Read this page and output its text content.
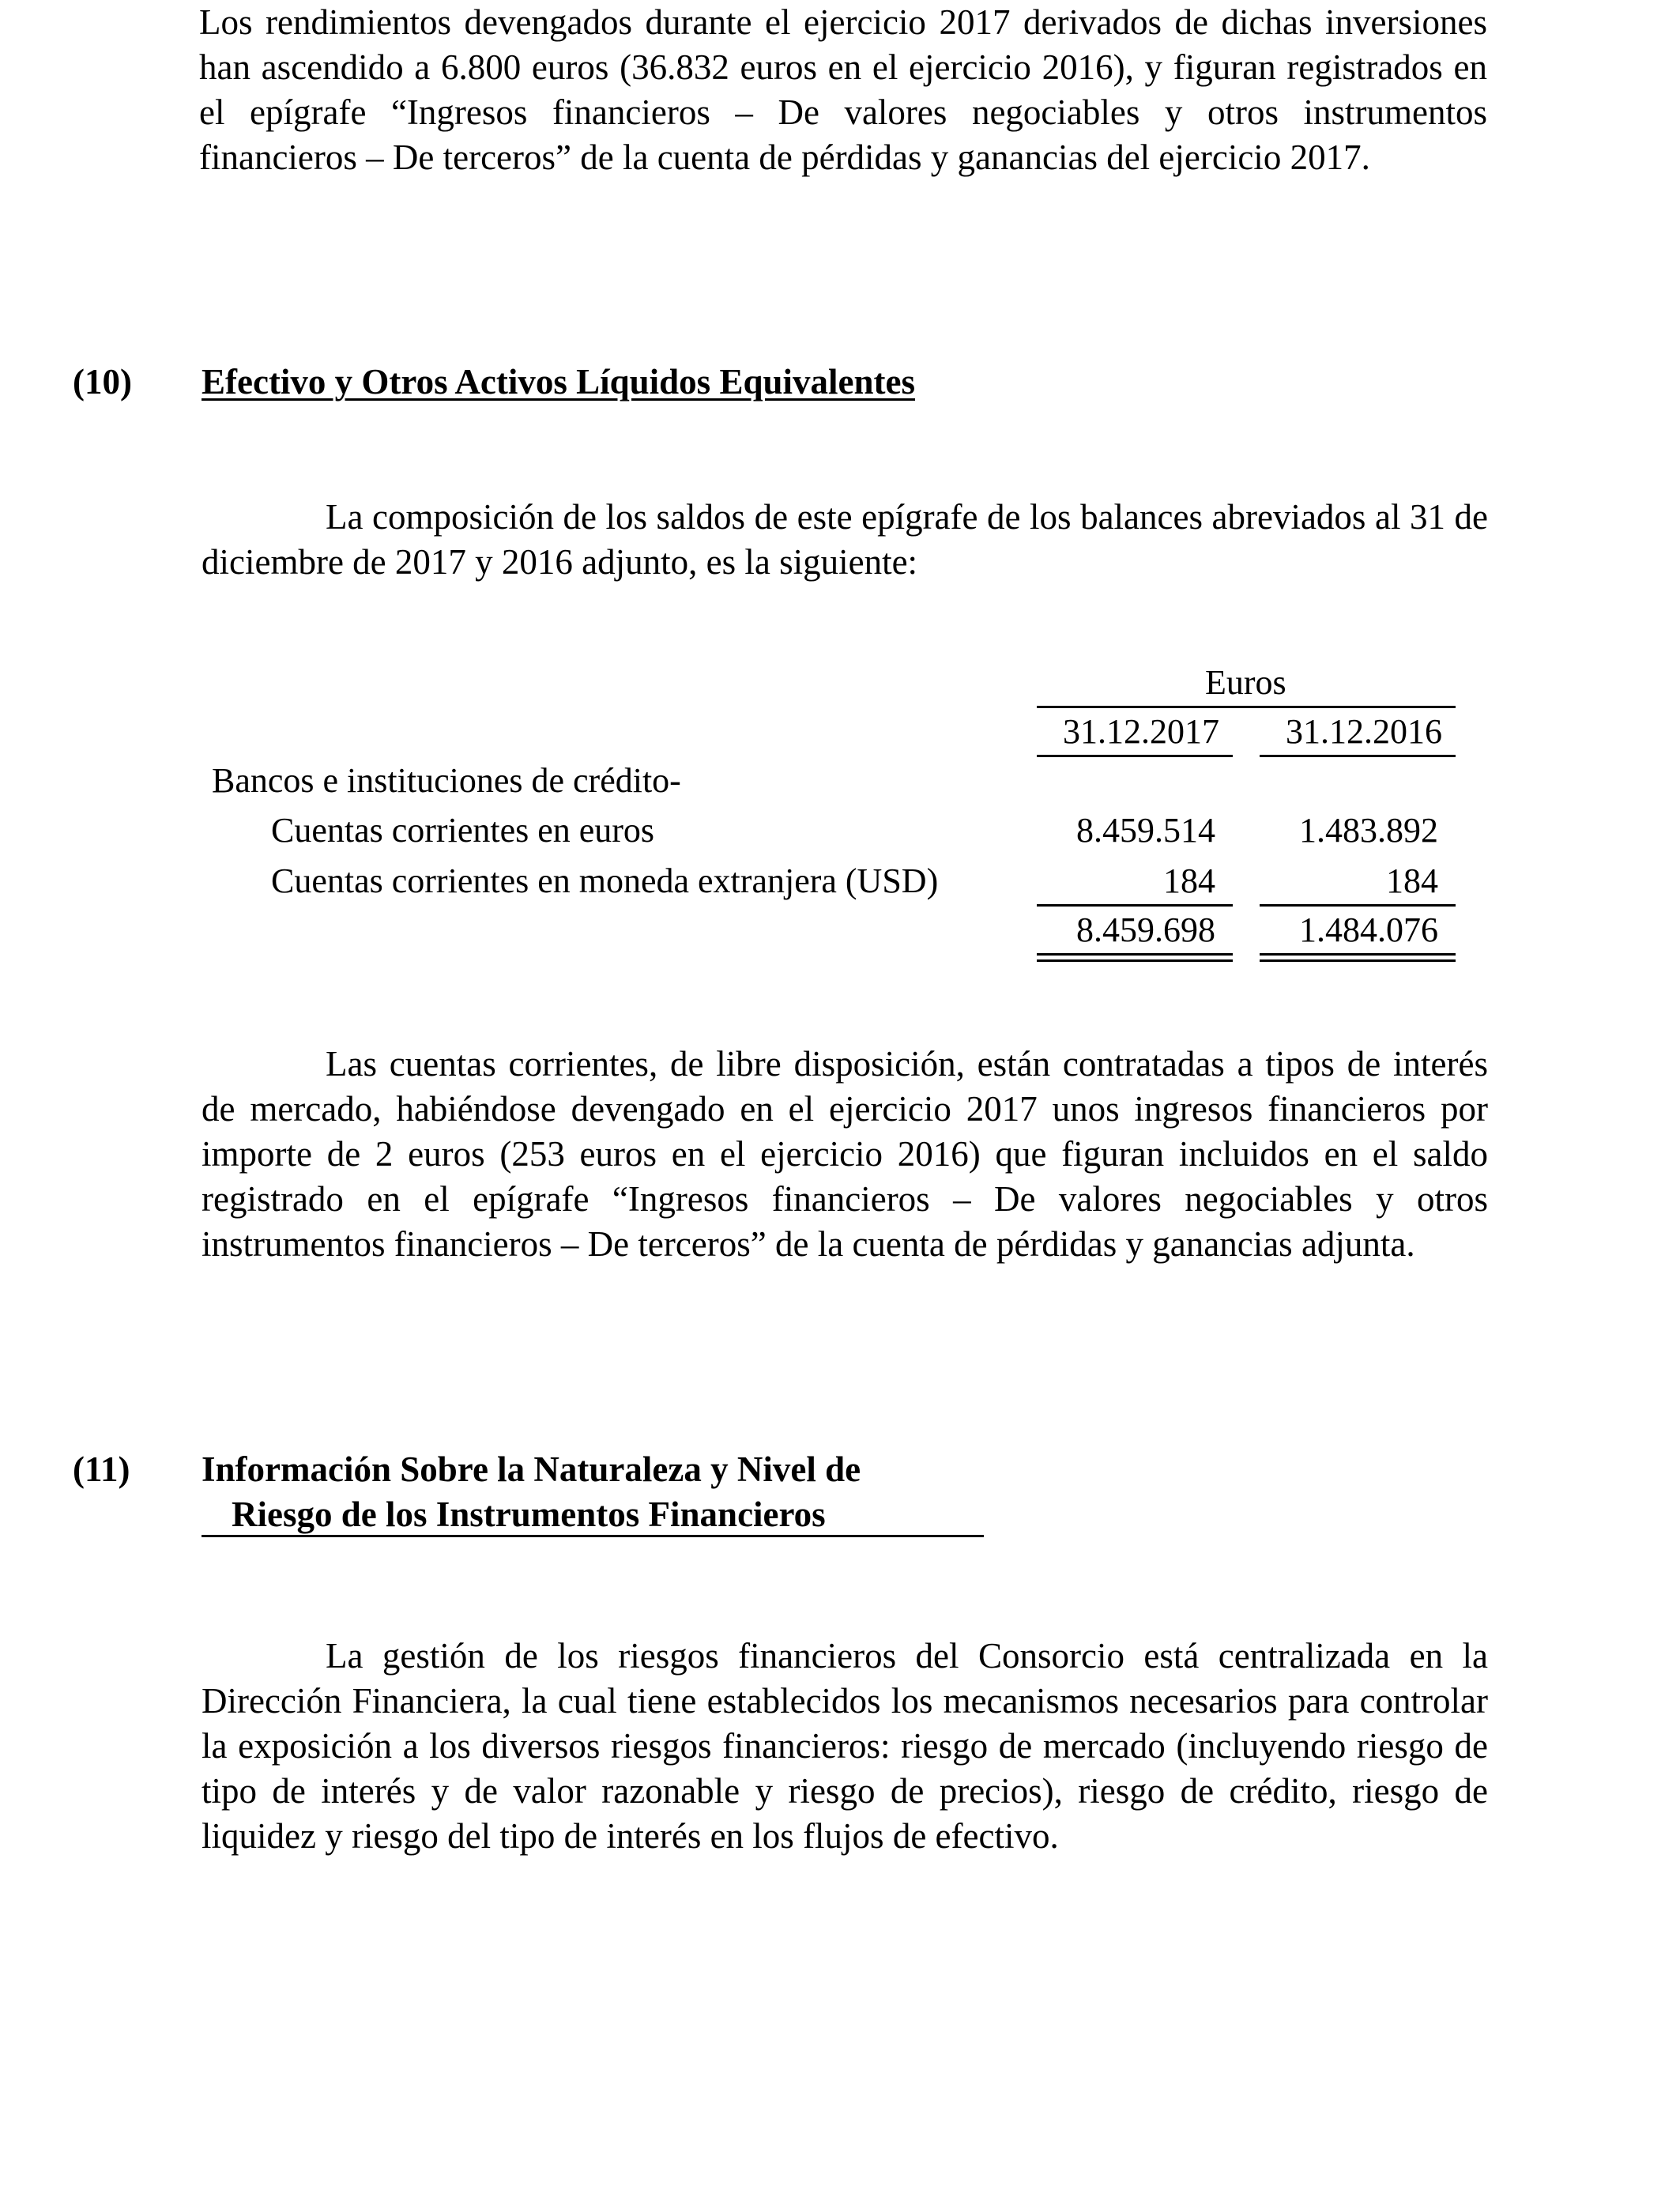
Los rendimientos devengados durante el ejercicio 2017 derivados de dichas inversiones han ascendido a 6.800 euros (36.832 euros en el ejercicio 2016), y figuran registrados en el epígrafe “Ingresos financieros – De valores negociables y otros instrumentos financieros – De terceros” de la cuenta de pérdidas y ganancias del ejercicio 2017.

(10) Efectivo y Otros Activos Líquidos Equivalentes

La composición de los saldos de este epígrafe de los balances abreviados al 31 de diciembre de 2017 y 2016 adjunto, es la siguiente:

Euros
31.12.2017	31.12.2016
Bancos e instituciones de crédito-
Cuentas corrientes en euros	8.459.514	1.483.892
Cuentas corrientes en moneda extranjera (USD)	184	184
8.459.698	1.484.076

Las cuentas corrientes, de libre disposición, están contratadas a tipos de interés de mercado, habiéndose devengado en el ejercicio 2017 unos ingresos financieros por importe de 2 euros (253 euros en el ejercicio 2016) que figuran incluidos en el saldo registrado en el epígrafe “Ingresos financieros – De valores negociables y otros instrumentos financieros – De terceros” de la cuenta de pérdidas y ganancias adjunta.

(11) Información Sobre la Naturaleza y Nivel de
Riesgo de los Instrumentos Financieros

La gestión de los riesgos financieros del Consorcio está centralizada en la Dirección Financiera, la cual tiene establecidos los mecanismos necesarios para controlar la exposición a los diversos riesgos financieros: riesgo de mercado (incluyendo riesgo de tipo de interés y de valor razonable y riesgo de precios), riesgo de crédito, riesgo de liquidez y riesgo del tipo de interés en los flujos de efectivo.
